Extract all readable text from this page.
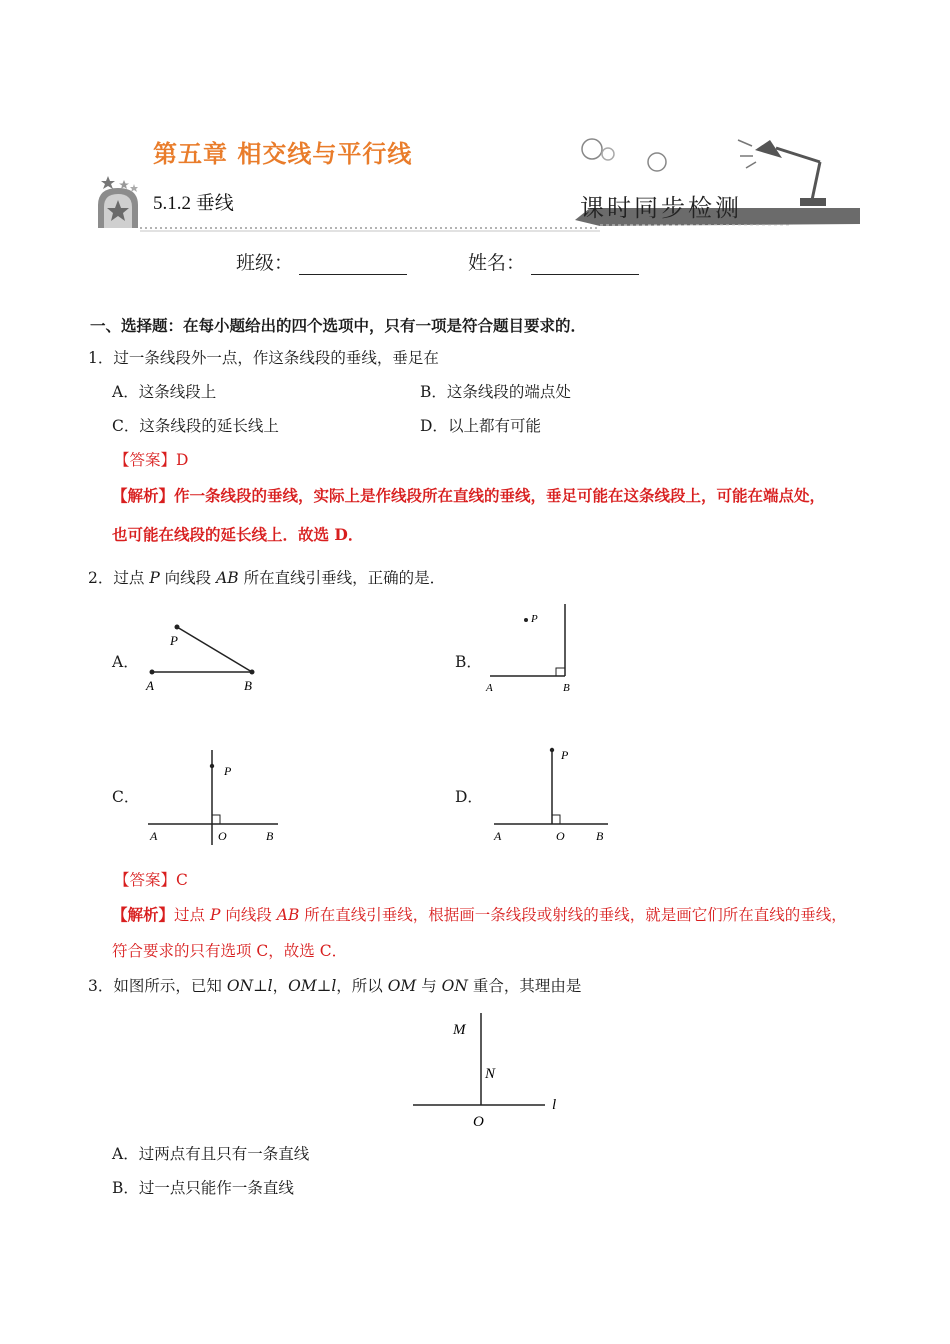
第五章 相交线与平行线
5.1.2 垂线	课时同步检测
班级：	姓名：
一、选择题：在每小题给出的四个选项中，只有一项是符合题目要求的．
1．过一条线段外一点，作这条线段的垂线，垂足在
A．这条线段上	B．这条线段的端点处
C．这条线段的延长线上	D．以上都有可能
【答案】D
【解析】作一条线段的垂线，实际上是作线段所在直线的垂线，垂足可能在这条线段上，可能在端点处，
也可能在线段的延长线上．故选 D．
2．过点 P 向线段 AB 所在直线引垂线，正确的是．
A．	B．
C．	D．
P
A	B
P
A	B
P
A	O	B
P
A	O	B
【答案】C
【解析】过点 P 向线段 AB 所在直线引垂线，根据画一条线段或射线的垂线，就是画它们所在直线的垂线，
符合要求的只有选项 C，故选 C．
3．如图所示，已知 ON⊥l，OM⊥l，所以 OM 与 ON 重合，其理由是
M
N
O
l
A．过两点有且只有一条直线
B．过一点只能作一条直线
